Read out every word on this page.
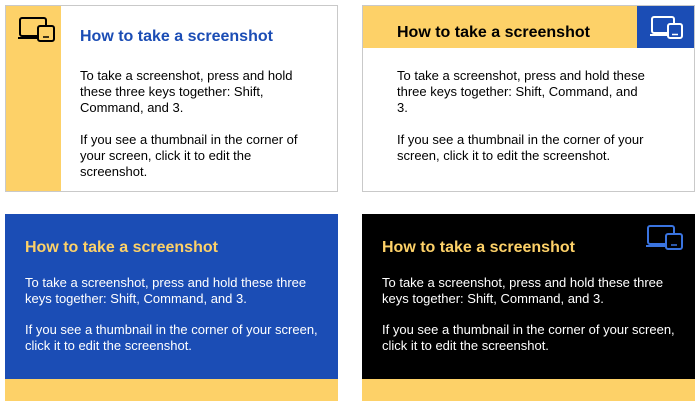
How to take a screenshot

To take a screenshot, press and hold these three keys together: Shift, Command, and 3.

If you see a thumbnail in the corner of your screen, click it to edit the screenshot.

How to take a screenshot

To take a screenshot, press and hold these three keys together: Shift, Command, and 3.

If you see a thumbnail in the corner of your screen, click it to edit the screenshot.

How to take a screenshot

To take a screenshot, press and hold these three keys together: Shift, Command, and 3.

If you see a thumbnail in the corner of your screen, click it to edit the screenshot.

How to take a screenshot

To take a screenshot, press and hold these three keys together: Shift, Command, and 3.

If you see a thumbnail in the corner of your screen, click it to edit the screenshot.
